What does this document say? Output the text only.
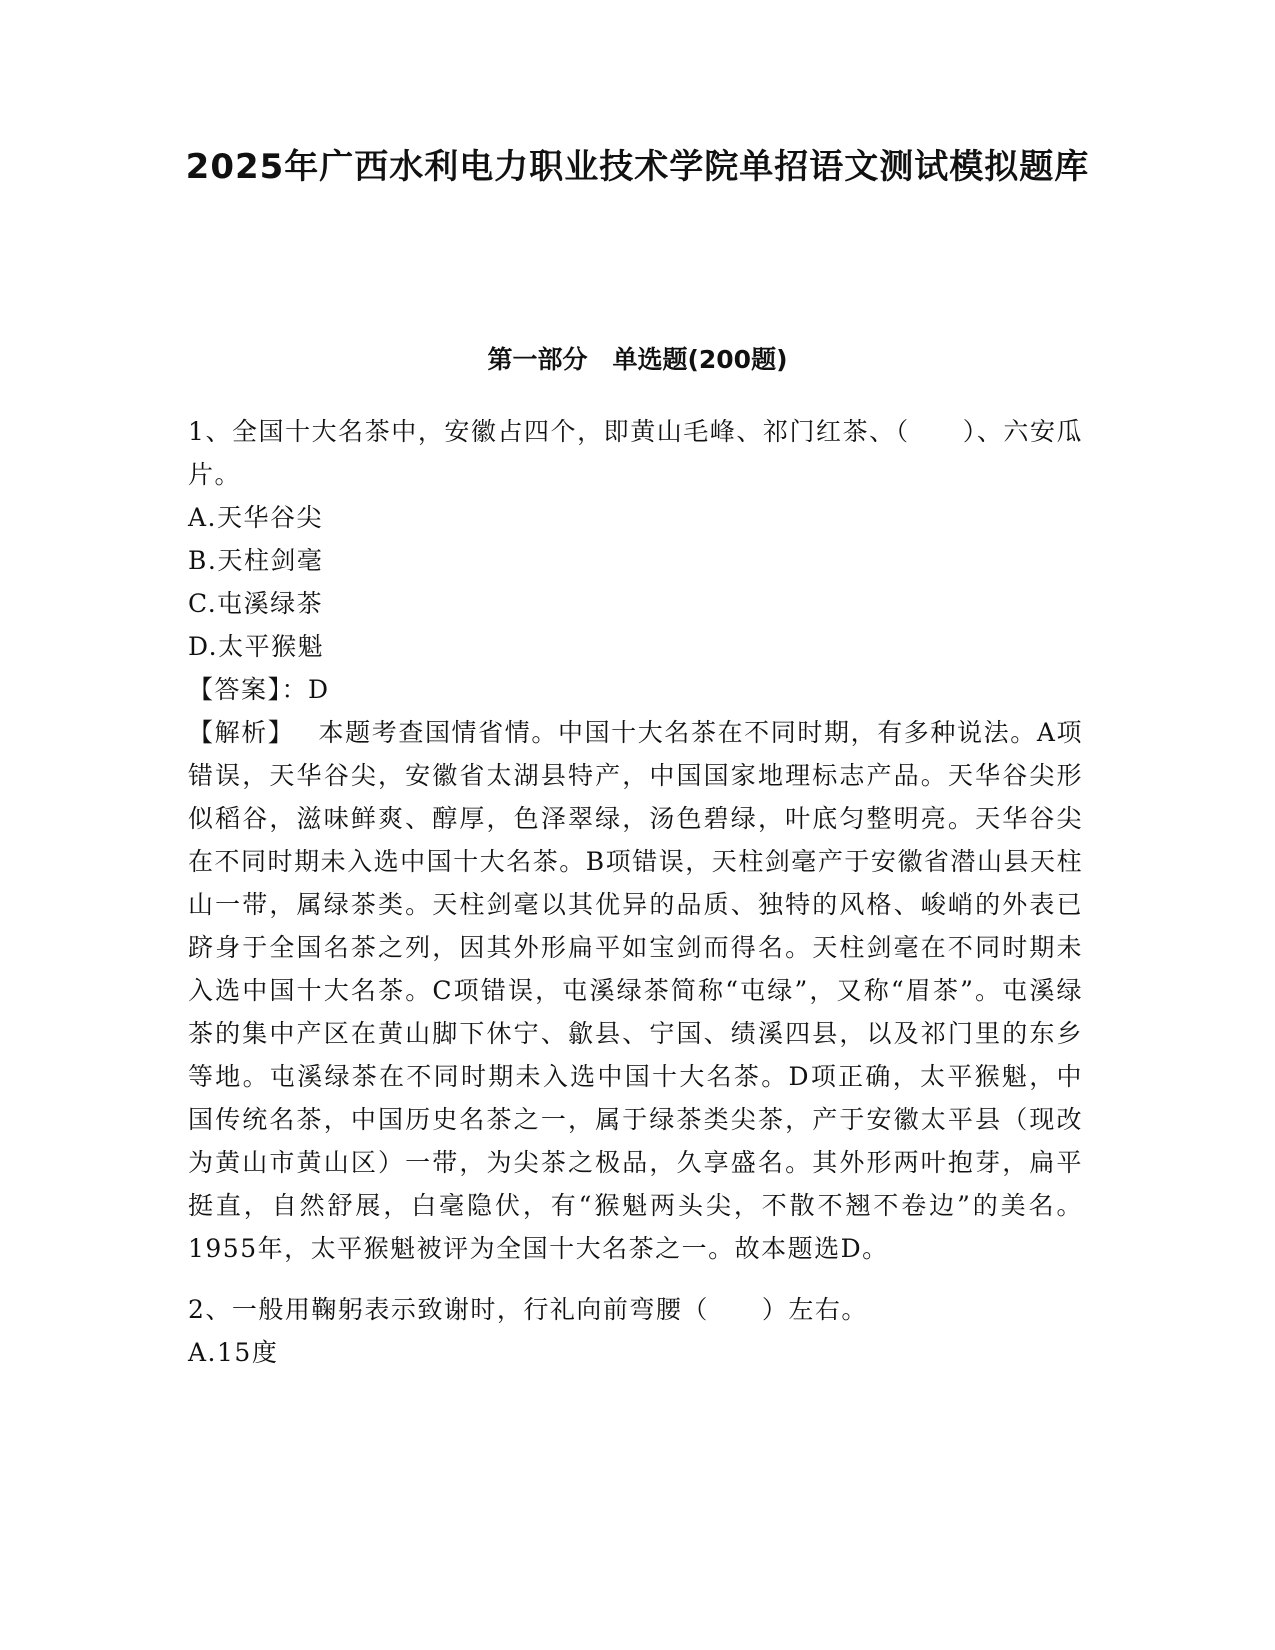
2025年广西水利电力职业技术学院单招语文测试模拟题库
第一部分　单选题(200题)

1、全国十大名茶中，安徽占四个，即黄山毛峰、祁门红茶、（　　）、六安瓜片。

A.天华谷尖

B.天柱剑毫

C.屯溪绿茶

D.太平猴魁

【答案】：D

【解析】 本题考查国情省情。中国十大名茶在不同时期，有多种说法。A项错误，天华谷尖，安徽省太湖县特产，中国国家地理标志产品。天华谷尖形似稻谷，滋味鲜爽、醇厚，色泽翠绿，汤色碧绿，叶底匀整明亮。天华谷尖在不同时期未入选中国十大名茶。B项错误，天柱剑毫产于安徽省潜山县天柱山一带，属绿茶类。天柱剑毫以其优异的品质、独特的风格、峻峭的外表已跻身于全国名茶之列，因其外形扁平如宝剑而得名。天柱剑毫在不同时期未入选中国十大名茶。C项错误，屯溪绿茶简称“屯绿”，又称“眉茶”。屯溪绿茶的集中产区在黄山脚下休宁、歙县、宁国、绩溪四县，以及祁门里的东乡等地。屯溪绿茶在不同时期未入选中国十大名茶。D项正确，太平猴魁，中国传统名茶，中国历史名茶之一，属于绿茶类尖茶，产于安徽太平县（现改为黄山市黄山区）一带，为尖茶之极品，久享盛名。其外形两叶抱芽，扁平挺直，自然舒展，白毫隐伏，有“猴魁两头尖，不散不翘不卷边”的美名。1955年，太平猴魁被评为全国十大名茶之一。故本题选D。

2、一般用鞠躬表示致谢时，行礼向前弯腰（　　）左右。

A.15度
